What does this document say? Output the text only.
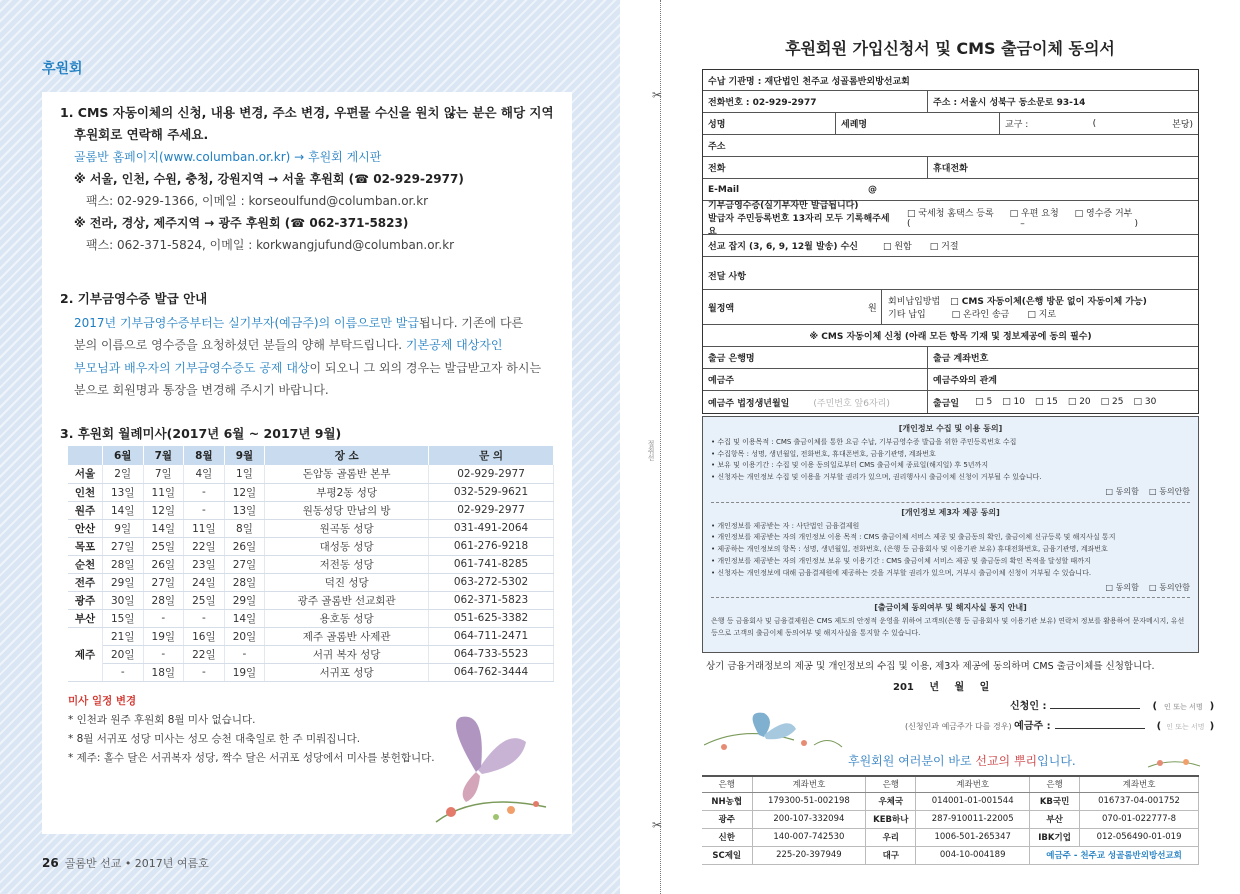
후원회
1. CMS 자동이체의 신청, 내용 변경, 주소 변경, 우편물 수신을 원치 않는 분은 해당 지역
후원회로 연락해 주세요.
골롬반 홈페이지(www.columban.or.kr) → 후원회 게시판
※ 서울, 인천, 수원, 충청, 강원지역 → 서울 후원회 (☎ 02-929-2977)
팩스: 02-929-1366, 이메일 : korseoulfund@columban.or.kr
※ 전라, 경상, 제주지역 → 광주 후원회 (☎ 062-371-5823)
팩스: 062-371-5824, 이메일 : korkwangjufund@columban.or.kr
2. 기부금영수증 발급 안내
2017년 기부금영수증부터는 실기부자(예금주)의 이름으로만 발급됩니다. 기존에 다른
분의 이름으로 영수증을 요청하셨던 분들의 양해 부탁드립니다. 기본공제 대상자인
부모님과 배우자의 기부금영수증도 공제 대상이 되오니 그 외의 경우는 발급받고자 하시는
분으로 회원명과 통장을 변경해 주시기 바랍니다.
3. 후원회 월례미사(2017년 6월 ~ 2017년 9월)
	6월	7월	8월	9월	장 소	문 의
서울	2일	7일	4일	1일	돈암동 골롬반 본부	02-929-2977
인천	13일	11일	-	12일	부평2동 성당	032-529-9621
원주	14일	12일	-	13일	원동성당 만남의 방	02-929-2977
안산	9일	14일	11일	8일	원곡동 성당	031-491-2064
목포	27일	25일	22일	26일	대성동 성당	061-276-9218
순천	28일	26일	23일	27일	저전동 성당	061-741-8285
전주	29일	27일	24일	28일	덕진 성당	063-272-5302
광주	30일	28일	25일	29일	광주 골롬반 선교회관	062-371-5823
부산	15일	-	-	14일	용호동 성당	051-625-3382
제주	21일	19일	16일	20일	제주 골롬반 사제관	064-711-2471
	20일	-	22일	-	서귀 복자 성당	064-733-5523
	-	18일	-	19일	서귀포 성당	064-762-3444
미사 일정 변경
* 인천과 원주 후원회 8월 미사 없습니다.
* 8월 서귀포 성당 미사는 성모 승천 대축일로 한 주 미뤄집니다.
* 제주: 홀수 달은 서귀복자 성당, 짝수 달은 서귀포 성당에서 미사를 봉헌합니다.
26 골롬반 선교 • 2017년 여름호
✂
✂
절취선
후원회원 가입신청서 및 CMS 출금이체 동의서
수납 기관명 : 재단법인 천주교 성골롬반외방선교회
전화번호 : 02-929-2977	주소 : 서울시 성북구 동소문로 93-14
성명	세례명	교구 :	(	본당)
주소
전화	휴대전화
E-Mail	@
기부금영수증(실기부자만 발급됩니다)
발급자 주민등록번호 13자리 모두 기록해주세요
□ 국세청 홈택스 등록 □ 우편 요청 □ 영수증 거부
(	–	)
선교 잡지 (3, 6, 9, 12월 발송) 수신	□ 원함 □ 거절
전달 사항
월정액	원
회비납입방법 □ CMS 자동이체(은행 방문 없이 자동이체 가능)
기타 납입	□ 온라인 송금 □ 지로
※ CMS 자동이체 신청 (아래 모든 항목 기재 및 정보제공에 동의 필수)
출금 은행명	출금 계좌번호
예금주	예금주와의 관계
예금주 법정생년월일	(주민번호 앞6자리)	출금일 □ 5 □ 10 □ 15 □ 20 □ 25 □ 30
[개인정보 수집 및 이용 동의]
• 수집 및 이용목적 : CMS 출금이체를 통한 요금 수납, 기부금영수증 발급을 위한 주민등록번호 수집
• 수집항목 : 성명, 생년월일, 전화번호, 휴대폰번호, 금융기관명, 계좌번호
• 보유 및 이용기간 : 수집 및 이용 동의일로부터 CMS 출금이체 종료일(해지일) 후 5년까지
• 신청자는 개인정보 수집 및 이용을 거부할 권리가 있으며, 권리행사시 출금이체 신청이 거부될 수 있습니다.
□ 동의함 □ 동의안함
[개인정보 제3자 제공 동의]
• 개인정보를 제공받는 자 : 사단법인 금융결제원
• 개인정보를 제공받는 자의 개인정보 이용 목적 : CMS 출금이체 서비스 제공 및 출금동의 확인, 출금이체 신규등록 및 해지사실 통지
• 제공하는 개인정보의 항목 : 성명, 생년월일, 전화번호, (은행 등 금융회사 및 이용기관 보유) 휴대전화번호, 금융기관명, 계좌번호
• 개인정보를 제공받는 자의 개인정보 보유 및 이용기간 : CMS 출금이체 서비스 제공 및 출금동의 확인 목적을 달성할 때까지
• 신청자는 개인정보에 대해 금융결제원에 제공하는 것을 거부할 권리가 있으며, 거부시 출금이체 신청이 거부될 수 있습니다.
□ 동의함 □ 동의안함
[출금이체 동의여부 및 해지사실 통지 안내]
은행 등 금융회사 및 금융결제원은 CMS 제도의 안정적 운영을 위하여 고객의(은행 등 금융회사 및 이용기관 보유) 연락처 정보를 활용하여 문자메시지, 유선 등으로 고객의 출금이체 동의여부 및 해지사실을 통지할 수 있습니다.
상기 금융거래정보의 제공 및 개인정보의 수집 및 이용, 제3자 제공에 동의하며 CMS 출금이체를 신청합니다.
201 년 월 일
신청인 :	(  인 또는 서명  )
(신청인과 예금주가 다를 경우) 예금주 :	( 인 또는 서명 )
후원회원 여러분이 바로 선교의 뿌리입니다.
은행	계좌번호	은행	계좌번호	은행	계좌번호
NH농협	179300-51-002198	우체국	014001-01-001544	KB국민	016737-04-001752
광주	200-107-332094	KEB하나	287-910011-22005	부산	070-01-022777-8
신한	140-007-742530	우리	1006-501-265347	IBK기업	012-056490-01-019
SC제일	225-20-397949	대구	004-10-004189	예금주 - 천주교 성골롬반외방선교회	
